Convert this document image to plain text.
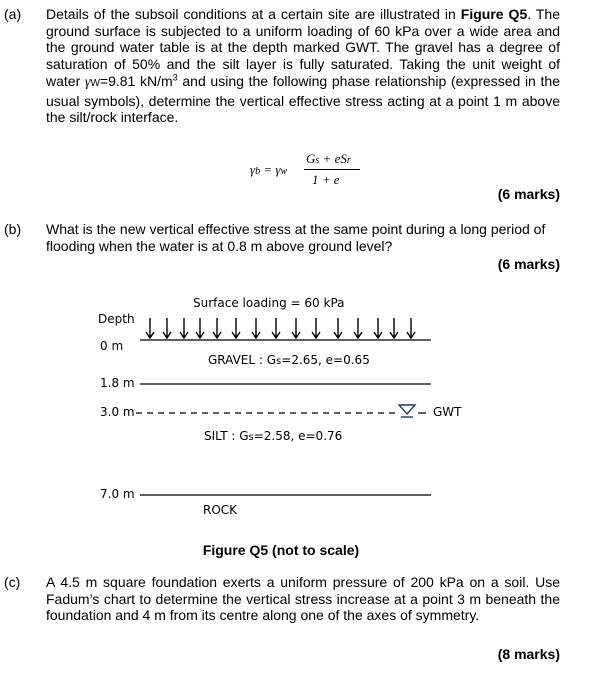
(a) Details of the subsoil conditions at a certain site are illustrated in Figure Q5. The ground surface is subjected to a uniform loading of 60 kPa over a wide area and the ground water table is at the depth marked GWT. The gravel has a degree of saturation of 50% and the silt layer is fully saturated. Taking the unit weight of water γW=9.81 $kN/m^3$ and using the following phase relationship (expressed in the usual symbols), determine the vertical effective stress acting at a point 1 m above the silt/rock interface.
γb = γw
Gs + eSr
1 + e
(6 marks)
(b) What is the new vertical effective stress at the same point during a long period of flooding when the water is at 0.8 m above ground level?
(6 marks)
Surface loading = 60 kPa
Depth
0 m
GRAVEL : Gs=2.65, e=0.65
1.8 m
3.0 m	GWT
SILT : Gs=2.58, e=0.76
7.0 m
ROCK
Figure Q5 (not to scale)
(c) A 4.5 m square foundation exerts a uniform pressure of 200 kPa on a soil. Use Fadum’s chart to determine the vertical stress increase at a point 3 m beneath the foundation and 4 m from its centre along one of the axes of symmetry.
(8 marks)
